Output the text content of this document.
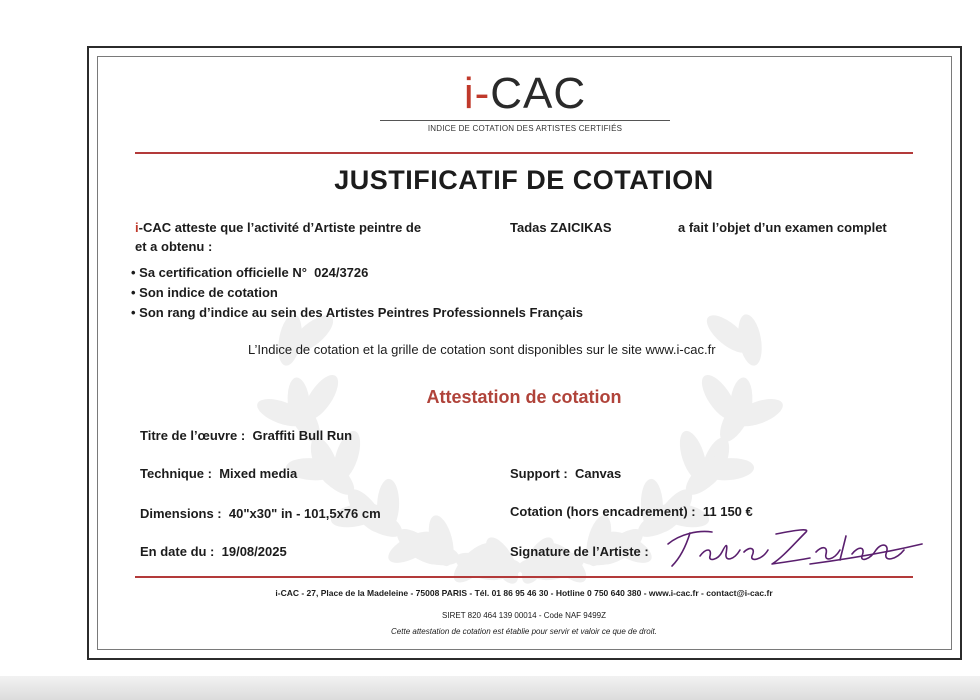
i-CAC
INDICE DE COTATION DES ARTISTES CERTIFIÉS
JUSTIFICATIF DE COTATION
i-CAC atteste que l’activité d’Artiste peintre de	Tadas ZAICIKAS	a fait l’objet d’un examen complet
et a obtenu :
• Sa certification officielle N° 024/3726
• Son indice de cotation
• Son rang d’indice au sein des Artistes Peintres Professionnels Français
L’Indice de cotation et la grille de cotation sont disponibles sur le site www.i-cac.fr
Attestation de cotation
Titre de l’œuvre : Graffiti Bull Run
Technique : Mixed media	Support : Canvas
Dimensions : 40"x30" in - 101,5x76 cm	Cotation (hors encadrement) : 11 150 €
En date du : 19/08/2025	Signature de l’Artiste :
i-CAC - 27, Place de la Madeleine - 75008 PARIS - Tél. 01 86 95 46 30 - Hotline 0 750 640 380 - www.i-cac.fr - contact@i-cac.fr
SIRET 820 464 139 00014 - Code NAF 9499Z
Cette attestation de cotation est établie pour servir et valoir ce que de droit.
